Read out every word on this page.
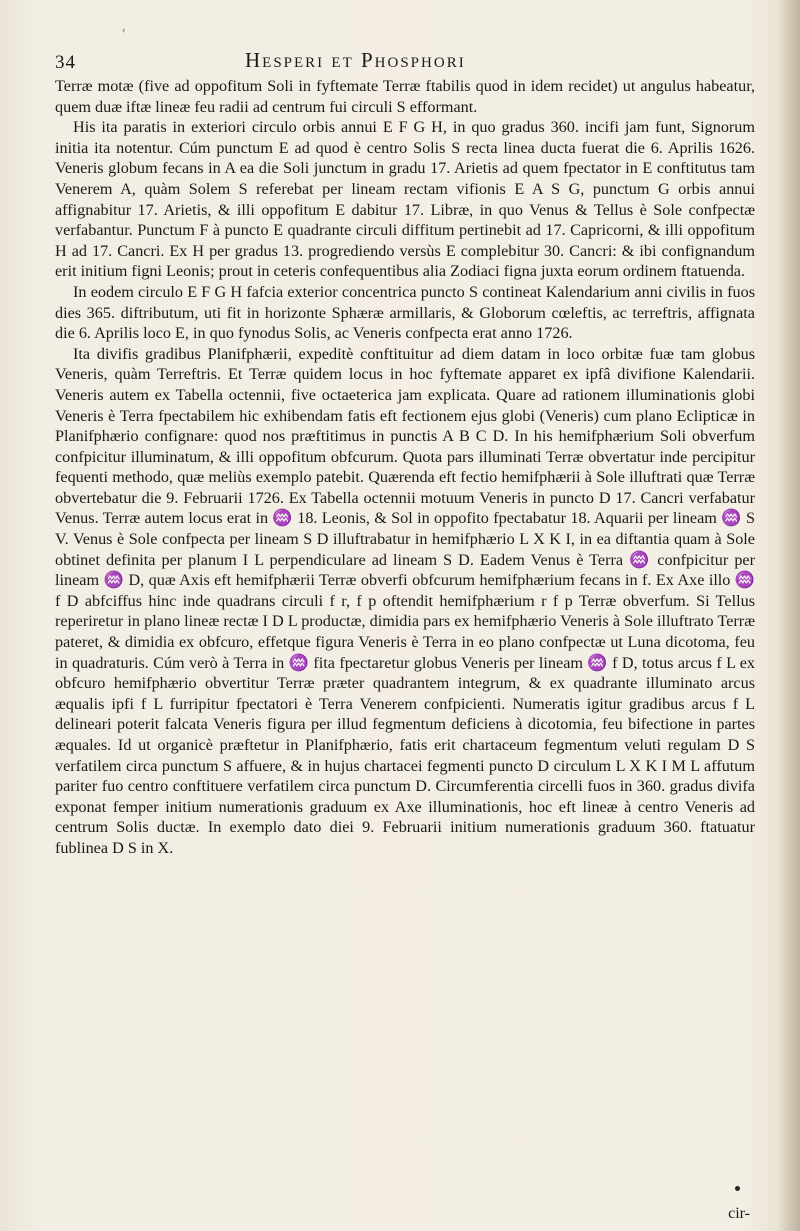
‹
34	Hesperi et Phosphori

Terræ motæ (five ad oppofitum Soli in fyftemate Terræ ftabilis quod in idem recidet) ut angulus habeatur, quem duæ iftæ lineæ feu radii ad centrum fui circuli S efformant.

His ita paratis in exteriori circulo orbis annui E F G H, in quo gradus 360. incifi jam funt, Signorum initia ita notentur. Cúm punctum E ad quod è centro Solis S recta linea ducta fuerat die 6. Aprilis 1626. Veneris globum fecans in A ea die Soli junctum in gradu 17. Arietis ad quem fpectator in E conftitutus tam Venerem A, quàm Solem S referebat per lineam rectam vifionis E A S G, punctum G orbis annui affignabitur 17. Arietis, & illi oppofitum E dabitur 17. Libræ, in quo Venus & Tellus è Sole confpectæ verfabantur. Punctum F à puncto E quadrante circuli diffitum pertinebit ad 17. Capricorni, & illi oppofitum H ad 17. Cancri. Ex H per gradus 13. progrediendo versùs E complebitur 30. Cancri: & ibi confignandum erit initium figni Leonis; prout in ceteris confequentibus alia Zodiaci figna juxta eorum ordinem ftatuenda.

In eodem circulo E F G H fafcia exterior concentrica puncto S contineat Kalendarium anni civilis in fuos dies 365. diftributum, uti fit in horizonte Sphæræ armillaris, & Globorum cœleftis, ac terreftris, affignata die 6. Aprilis loco E, in quo fynodus Solis, ac Veneris confpecta erat anno 1726.

Ita divifis gradibus Planifphærii, expeditè conftituitur ad diem datam in loco orbitæ fuæ tam globus Veneris, quàm Terreftris. Et Terræ quidem locus in hoc fyftemate apparet ex ipfâ divifione Kalendarii. Veneris autem ex Tabella octennii, five octaeterica jam explicata. Quare ad rationem illuminationis globi Veneris è Terra fpectabilem hic exhibendam fatis eft fectionem ejus globi (Veneris) cum plano Eclipticæ in Planifphærio confignare: quod nos præftitimus in punctis A B C D. In his hemifphærium Soli obverfum confpicitur illuminatum, & illi oppofitum obfcurum. Quota pars illuminati Terræ obvertatur inde percipitur fequenti methodo, quæ meliùs exemplo patebit. Quærenda eft fectio hemifphærii à Sole illuftrati quæ Terræ obvertebatur die 9. Februarii 1726. Ex Tabella octennii motuum Veneris in puncto D 17. Cancri verfabatur Venus. Terræ autem locus erat in ♒ 18. Leonis, & Sol in oppofito fpectabatur 18. Aquarii per lineam ♒ S V. Venus è Sole confpecta per lineam S D illuftrabatur in hemifphærio L X K I, in ea diftantia quam à Sole obtinet definita per planum I L perpendiculare ad lineam S D. Eadem Venus è Terra ♒ confpicitur per lineam ♒ D, quæ Axis eft hemifphærii Terræ obverfi obfcurum hemifphærium fecans in f. Ex Axe illo ♒ f D abfciffus hinc inde quadrans circuli f r, f p oftendit hemifphærium r f p Terræ obverfum. Si Tellus reperiretur in plano lineæ rectæ I D L productæ, dimidia pars ex hemifphærio Veneris à Sole illuftrato Terræ pateret, & dimidia ex obfcuro, effetque figura Veneris è Terra in eo plano confpectæ ut Luna dicotoma, feu in quadraturis. Cúm verò à Terra in ♒ fita fpectaretur globus Veneris per lineam ♒ f D, totus arcus f L ex obfcuro hemifphærio obvertitur Terræ præter quadrantem integrum, & ex quadrante illuminato arcus æqualis ipfi f L furripitur fpectatori è Terra Venerem confpicienti. Numeratis igitur gradibus arcus f L delineari poterit falcata Veneris figura per illud fegmentum deficiens à dicotomia, feu bifectione in partes æquales. Id ut organicè præftetur in Planifphærio, fatis erit chartaceum fegmentum veluti regulam D S verfatilem circa punctum S affuere, & in hujus chartacei fegmenti puncto D circulum L X K I M L affutum pariter fuo centro conftituere verfatilem circa punctum D. Circumferentia circelli fuos in 360. gradus divifa exponat femper initium numerationis graduum ex Axe illuminationis, hoc eft lineæ à centro Veneris ad centrum Solis ductæ. In exemplo dato diei 9. Februarii initium numerationis graduum 360. ftatuatur fublinea D S in X.

cir-
